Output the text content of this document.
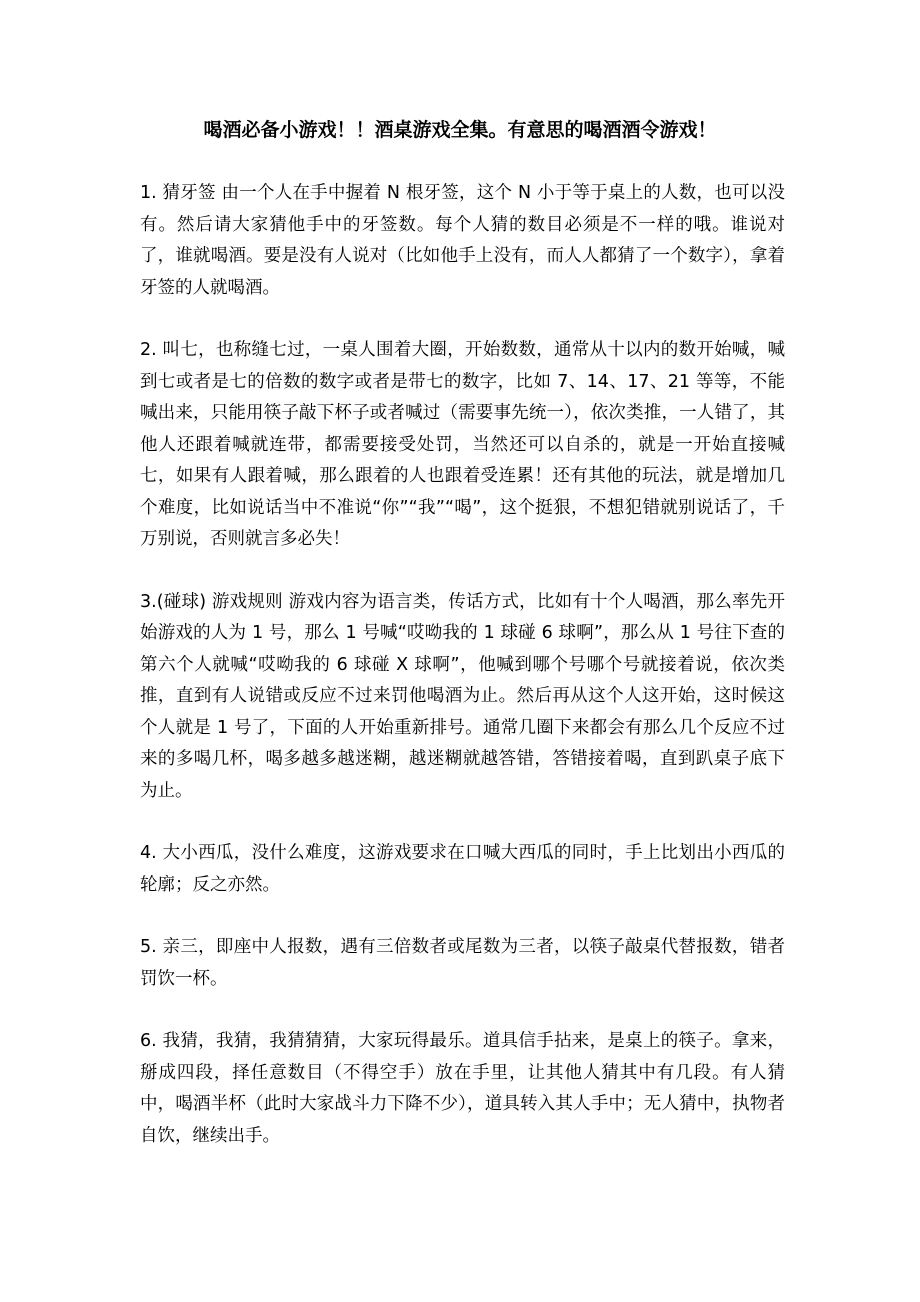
喝酒必备小游戏！！酒桌游戏全集。有意思的喝酒酒令游戏！

1. 猜牙签 由一个人在手中握着 N 根牙签，这个 N 小于等于桌上的人数，也可以没有。然后请大家猜他手中的牙签数。每个人猜的数目必须是不一样的哦。谁说对了，谁就喝酒。要是没有人说对（比如他手上没有，而人人都猜了一个数字），拿着牙签的人就喝酒。

2. 叫七，也称缝七过，一桌人围着大圈，开始数数，通常从十以内的数开始喊，喊到七或者是七的倍数的数字或者是带七的数字，比如 7、14、17、21 等等，不能喊出来，只能用筷子敲下杯子或者喊过（需要事先统一），依次类推，一人错了，其他人还跟着喊就连带，都需要接受处罚，当然还可以自杀的，就是一开始直接喊七，如果有人跟着喊，那么跟着的人也跟着受连累！还有其他的玩法，就是增加几个难度，比如说话当中不准说“你”“我”“喝”，这个挺狠，不想犯错就别说话了，千万别说，否则就言多必失！

3.(碰球) 游戏规则 游戏内容为语言类，传话方式，比如有十个人喝酒，那么率先开始游戏的人为 1 号，那么 1 号喊“哎呦我的 1 球碰 6 球啊”，那么从 1 号往下查的第六个人就喊“哎呦我的 6 球碰 X 球啊”，他喊到哪个号哪个号就接着说，依次类推，直到有人说错或反应不过来罚他喝酒为止。然后再从这个人这开始，这时候这个人就是 1 号了，下面的人开始重新排号。通常几圈下来都会有那么几个反应不过来的多喝几杯，喝多越多越迷糊，越迷糊就越答错，答错接着喝，直到趴桌子底下为止。

4. 大小西瓜，没什么难度，这游戏要求在口喊大西瓜的同时，手上比划出小西瓜的轮廓；反之亦然。

5. 亲三，即座中人报数，遇有三倍数者或尾数为三者，以筷子敲桌代替报数，错者罚饮一杯。

6. 我猜，我猜，我猜猜猜，大家玩得最乐。道具信手拈来，是桌上的筷子。拿来，掰成四段，择任意数目（不得空手）放在手里，让其他人猜其中有几段。有人猜中，喝酒半杯（此时大家战斗力下降不少），道具转入其人手中；无人猜中，执物者自饮，继续出手。
